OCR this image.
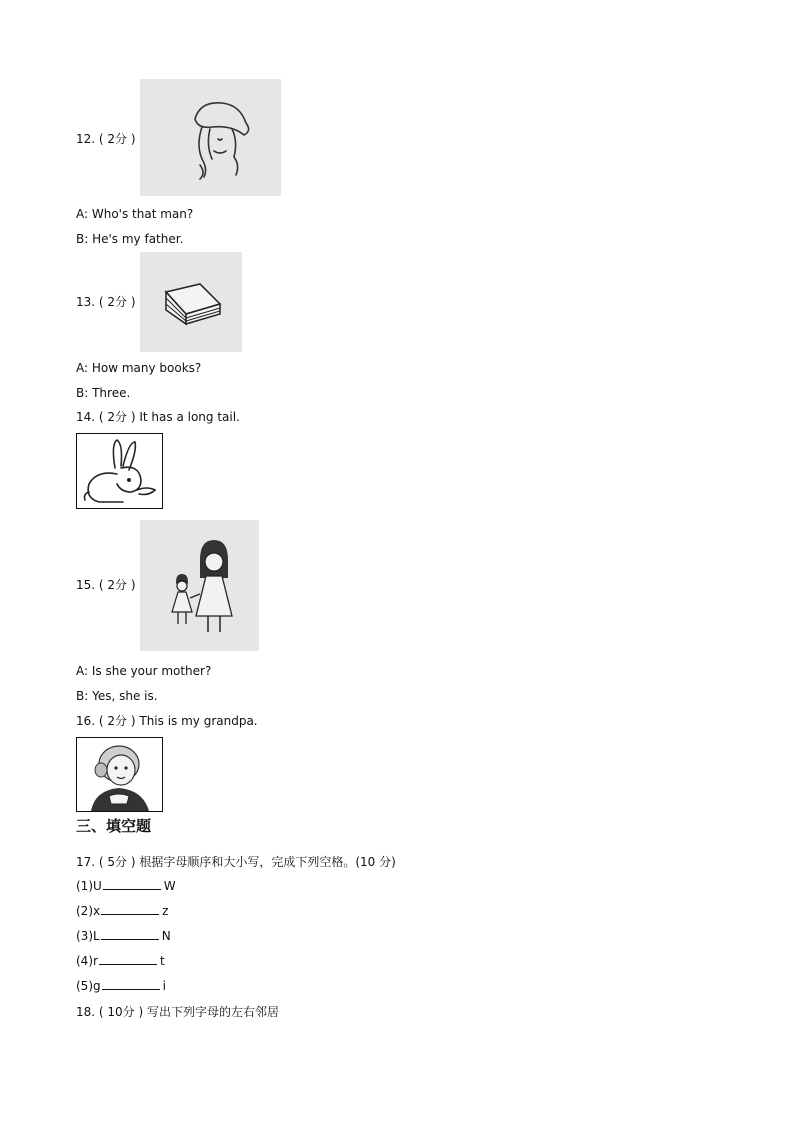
12. ( 2分 )
A: Who's that man?
B: He's my father.
13. ( 2分 )
A: How many books?
B: Three.
14. ( 2分 ) It has a long tail.
15. ( 2分 )
A: Is she your mother?
B: Yes, she is.
16. ( 2分 ) This is my grandpa.
三、填空题
17. ( 5分 ) 根据字母顺序和大小写，完成下列空格。(10 分)
(1)U	W
(2)x	z
(3)L	N
(4)r	t
(5)g	i
18. ( 10分 ) 写出下列字母的左右邻居
